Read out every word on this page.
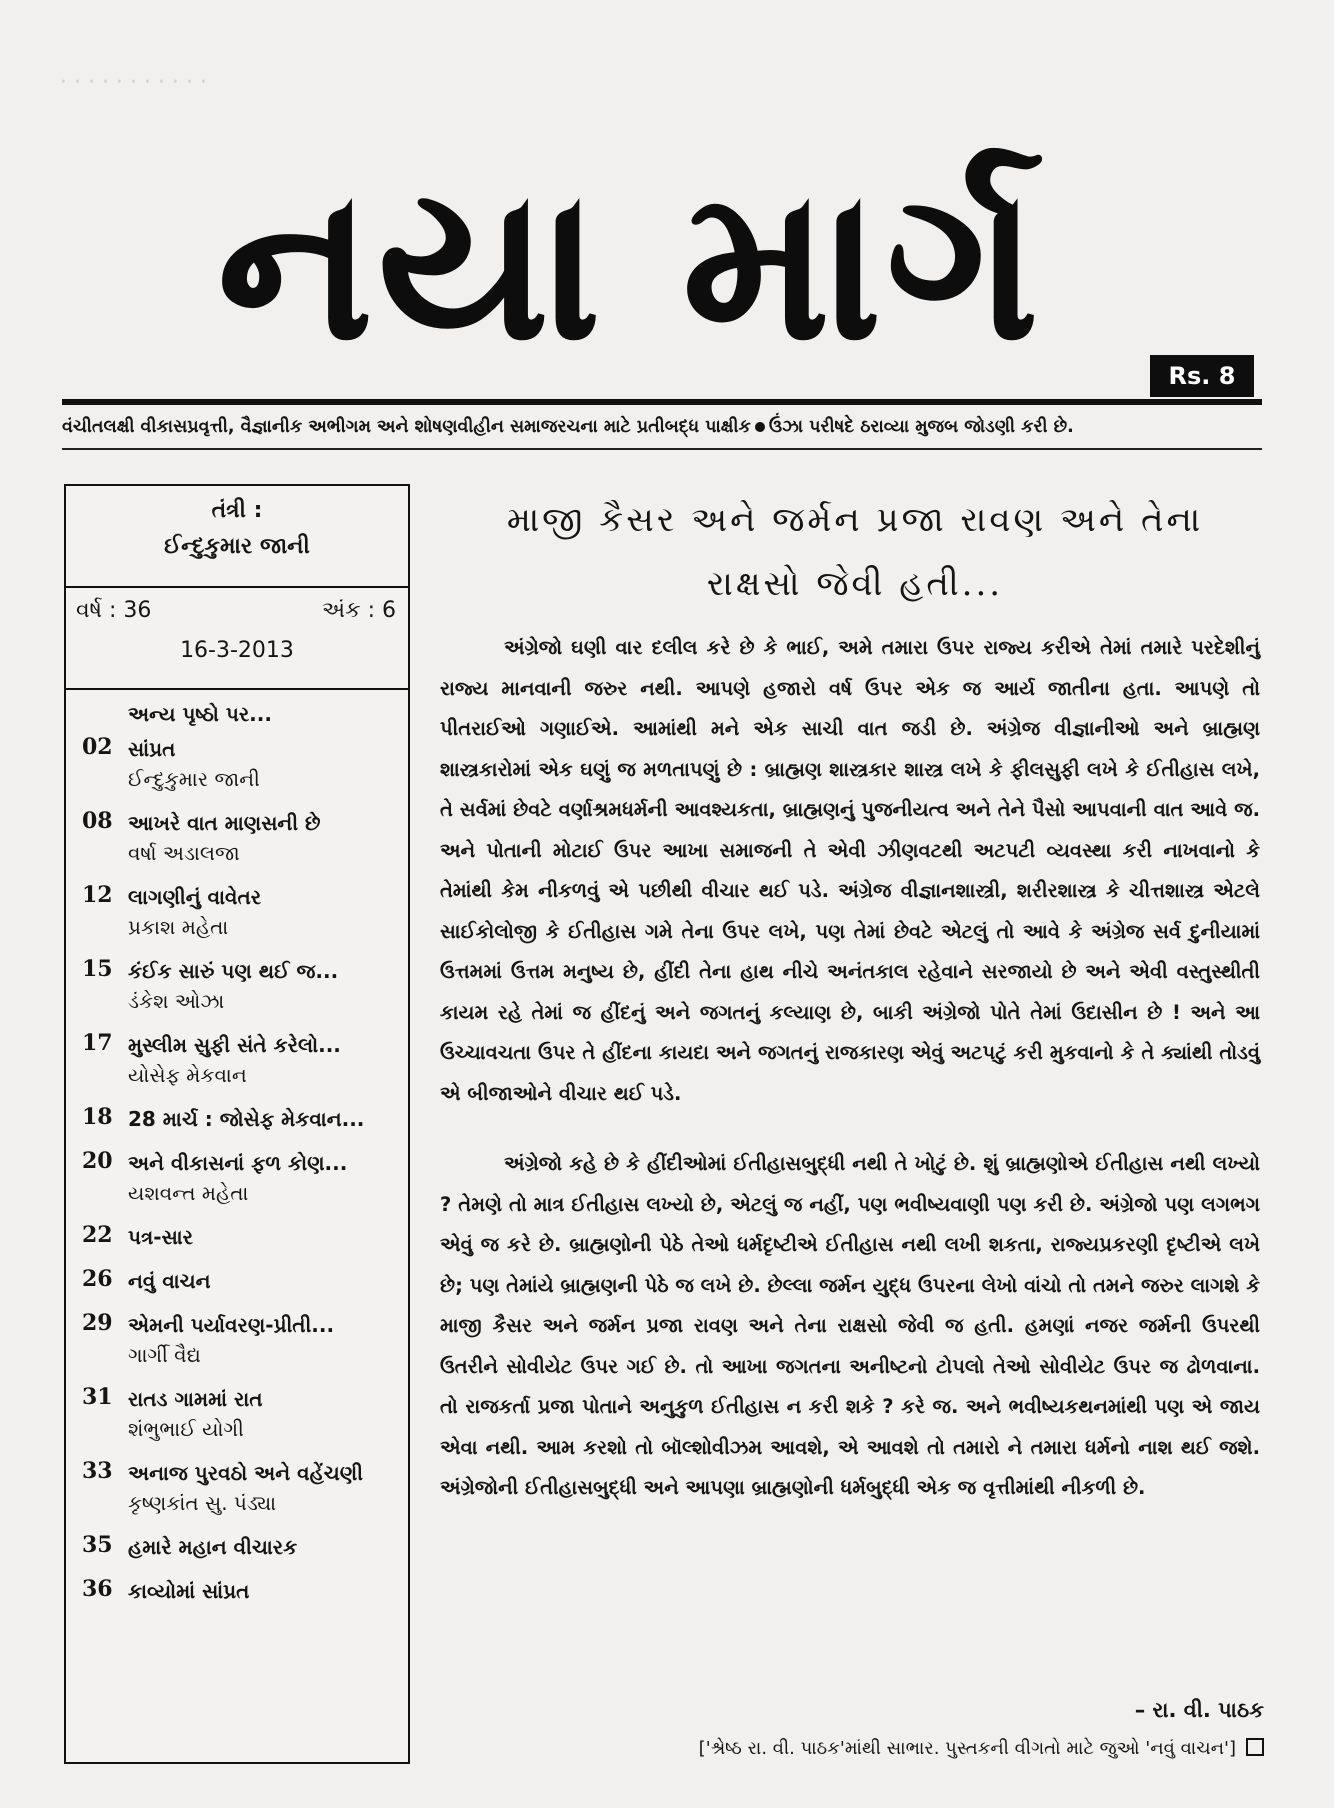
· · · · · · · · · · ·
નયા માર્ગ	Rs. 8
વંચીતલક્ષી વીકાસપ્રવૃત્તી, વૈજ્ઞાનીક અભીગમ અને શોષણવીહીન સમાજરચના માટે પ્રતીબદ્ધ પાક્ષીક ઉંઝા પરીષદે ઠરાવ્યા મુજબ જોડણી કરી છે.
તંત્રી :
ઈન્દુકુમાર જાની
વર્ષ : 36	અંક : 6
16-3-2013
અન્ય પૃષ્ઠો પર...
02 સાંપ્રત
ઈન્દુકુમાર જાની
08 આખરે વાત માણસની છે
વર્ષા અડાલજા
12 લાગણીનું વાવેતર
પ્રકાશ મહેતા
15 કંઈક સારું પણ થઈ જ...
ડંકેશ ઓઝા
17 મુસ્લીમ સુફી સંતે કરેલો...
યોસેફ મેકવાન
18 28 માર્ચ : જોસેફ મેકવાન...
20 અને વીકાસનાં ફળ કોણ...
યશવન્ત મહેતા
22 પત્ર-સાર
26 નવું વાચન
29 એમની પર્યાવરણ-પ્રીતી...
ગાર્ગી વૈદ્ય
31 રાતડ ગામમાં રાત
શંભુભાઈ યોગી
33 અનાજ પુરવઠો અને વહેંચણી
કૃષ્ણકાંત સુ. પંડ્યા
35 હમારે મહાન વીચારક
36 કાવ્યોમાં સાંપ્રત
માજી કૈસર અને જર્મન પ્રજા રાવણ અને તેના
રાક્ષસો જેવી હતી...

અંગ્રેજો ઘણી વાર દલીલ કરે છે કે ભાઈ, અમે તમારા ઉપર રાજ્ય કરીએ તેમાં તમારે પરદેશીનું રાજ્ય માનવાની જરુર નથી. આપણે હજારો વર્ષ ઉપર એક જ આર્ય જાતીના હતા. આપણે તો પીતરાઈઓ ગણાઈએ. આમાંથી મને એક સાચી વાત જડી છે. અંગ્રેજ વીજ્ઞાનીઓ અને બ્રાહ્મણ શાસ્ત્રકારોમાં એક ઘણું જ મળતાપણું છે : બ્રાહ્મણ શાસ્ત્રકાર શાસ્ત્ર લખે કે ફીલસુફી લખે કે ઈતીહાસ લખે, તે સર્વમાં છેવટે વર્ણાશ્રમધર્મની આવશ્યકતા, બ્રાહ્મણનું પુજનીયત્વ અને તેને પૈસો આપવાની વાત આવે જ. અને પોતાની મોટાઈ ઉપર આખા સમાજની તે એવી ઝીણવટથી અટપટી વ્યવસ્થા કરી નાખવાનો કે તેમાંથી કેમ નીકળવું એ પછીથી વીચાર થઈ પડે. અંગ્રેજ વીજ્ઞાનશાસ્ત્રી, શરીરશાસ્ત્ર કે ચીત્તશાસ્ત્ર એટલે સાઈકોલોજી કે ઈતીહાસ ગમે તેના ઉપર લખે, પણ તેમાં છેવટે એટલું તો આવે કે અંગ્રેજ સર્વ દુનીયામાં ઉત્તમમાં ઉત્તમ મનુષ્ય છે, હીંદી તેના હાથ નીચે અનંતકાલ રહેવાને સરજાયો છે અને એવી વસ્તુસ્થીતી કાયમ રહે તેમાં જ હીંદનું અને જગતનું કલ્યાણ છે, બાકી અંગ્રેજો પોતે તેમાં ઉદાસીન છે ! અને આ ઉચ્ચાવચતા ઉપર તે હીંદના કાયદા અને જગતનું રાજકારણ એવું અટપટું કરી મુકવાનો કે તે ક્યાંથી તોડવું એ બીજાઓને વીચાર થઈ પડે.

અંગ્રેજો કહે છે કે હીંદીઓમાં ઈતીહાસબુદ્ધી નથી તે ખોટું છે. શું બ્રાહ્મણોએ ઈતીહાસ નથી લખ્યો ? તેમણે તો માત્ર ઈતીહાસ લખ્યો છે, એટલું જ નહીં, પણ ભવીષ્યવાણી પણ કરી છે. અંગ્રેજો પણ લગભગ એવું જ કરે છે. બ્રાહ્મણોની પેઠે તેઓ ધર્મદૃષ્ટીએ ઈતીહાસ નથી લખી શકતા, રાજ્યપ્રકરણી દૃષ્ટીએ લખે છે; પણ તેમાંયે બ્રાહ્મણની પેઠે જ લખે છે. છેલ્લા જર્મન યુદ્ધ ઉપરના લેખો વાંચો તો તમને જરુર લાગશે કે માજી કૈસર અને જર્મન પ્રજા રાવણ અને તેના રાક્ષસો જેવી જ હતી. હમણાં નજર જર્મની ઉપરથી ઉતરીને સોવીયેટ ઉપર ગઈ છે. તો આખા જગતના અનીષ્ટનો ટોપલો તેઓ સોવીયેટ ઉપર જ ઢોળવાના. તો રાજકર્તા પ્રજા પોતાને અનુકુળ ઈતીહાસ ન કરી શકે ? કરે જ. અને ભવીષ્યકથનમાંથી પણ એ જાય એવા નથી. આમ કરશો તો બૉલ્શોવીઝમ આવશે, એ આવશે તો તમારો ને તમારા ધર્મનો નાશ થઈ જશે. અંગ્રેજોની ઈતીહાસબુદ્ધી અને આપણા બ્રાહ્મણોની ધર્મબુદ્ધી એક જ વૃત્તીમાંથી નીકળી છે.

– રા. વી. પાઠક
['શ્રેષ્ઠ રા. વી. પાઠક'માંથી સાભાર. પુસ્તકની વીગતો માટે જુઓ 'નવું વાચન']
